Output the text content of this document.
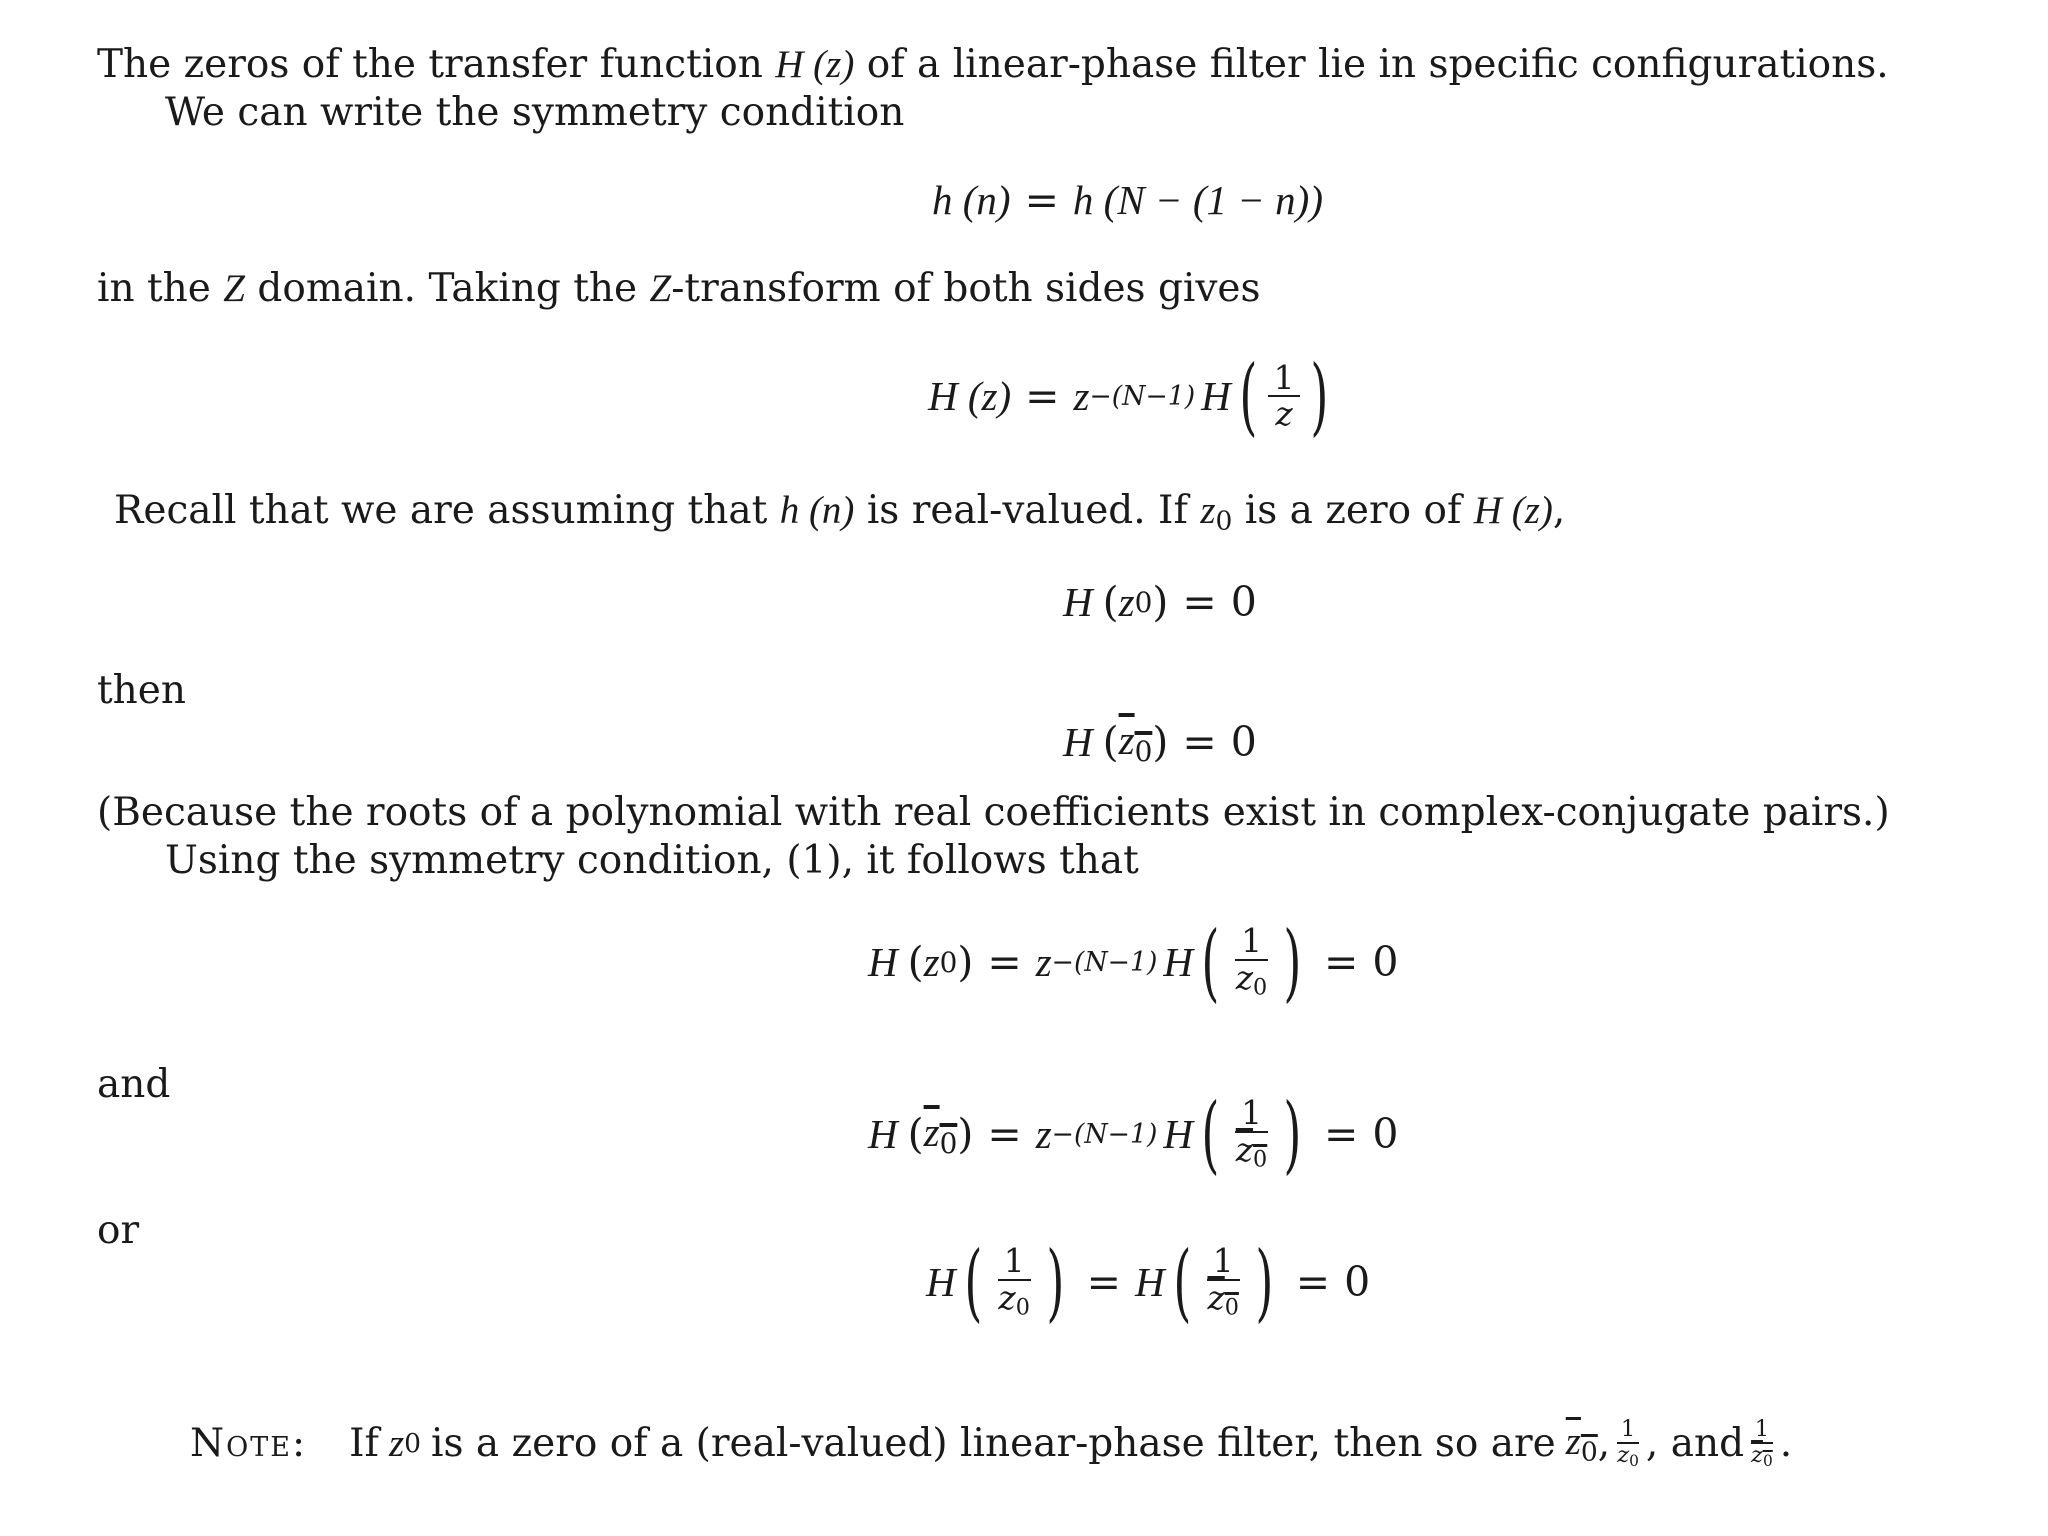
The zeros of the transfer function H (z) of a linear-phase filter lie in specific configurations.
We can write the symmetry condition
h (n) = h (N − (1 − n))
in the Z domain. Taking the Z-transform of both sides gives
H (z) = z −(N−1) H ( $\frac{1}{z}$ )
Recall that we are assuming that h (n) is real-valued. If $z_0$ is a zero of H (z),
H ( z 0 ) = 0
then
H ( $z_0$ ) = 0
(Because the roots of a polynomial with real coefficients exist in complex-conjugate pairs.)
Using the symmetry condition, (1), it follows that
H ( z 0 ) = z −(N−1) H ( $\frac{1}{z_0}$ ) = 0
and
H ( $z_0$ ) = z −(N−1) H ( $\frac{1}{z_0}$ ) = 0
or
H ( $\frac{1}{z_0}$ ) = H ( $\frac{1}{z_0}$ ) = 0
Note: If z 0 is a zero of a (real-valued) linear-phase filter, then so are $z_0$ , $\frac{1}{z_0}$ , and $\frac{1}{z_0}$ .
